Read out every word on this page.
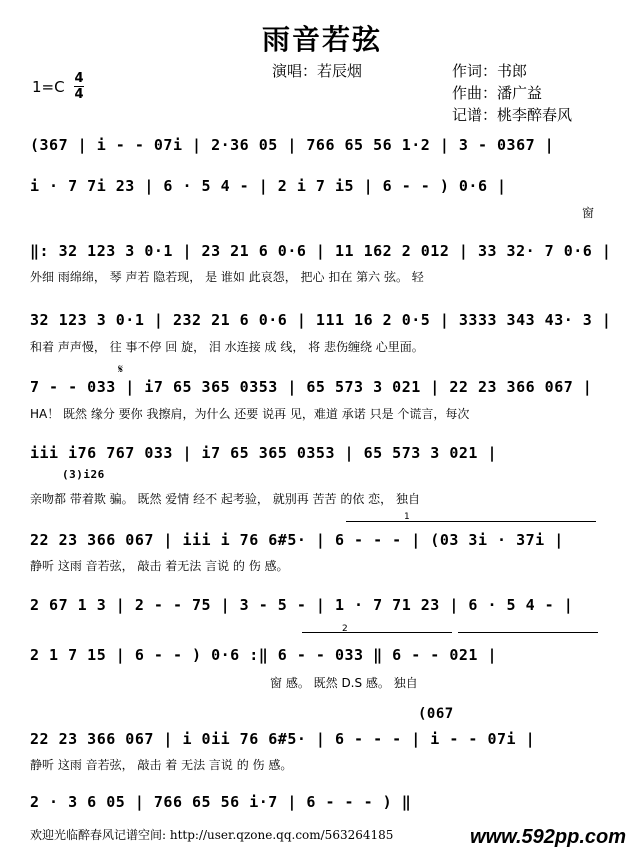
雨音若弦
演唱：若辰烟	作词：书郎
作曲：潘广益
记谱：桃李醉春风
1=C 4
4
(367 | i - - 07i | 2·36 05 | 766 65 56 1·2 | 3 - 0367 |
i · 7 7i 23 | 6 · 5 4 - | 2 i 7 i5 | 6 - - ) 0·6 |
窗
‖: 32 123 3 0·1 | 23 21 6 0·6 | 11 162 2 012 | 33 32· 7 0·6 |
外细 雨绵绵， 琴 声若 隐若现， 是 谁如 此哀怨， 把心 扣在 第六 弦。 轻
32 123 3 0·1 | 232 21 6 0·6 | 111 16 2 0·5 | 3333 343 43· 3 |
和着 声声慢， 往 事不停 回 旋， 泪 水连接 成 线， 将 悲伤缠绕 心里面。
𝄋
7 - - 033 | i7 65 365 0353 | 65 573 3 021 | 22 23 366 067 |
HA！ 既然 缘分 要你 我擦肩，为什么 还要 说再 见，难道 承诺 只是 个谎言，每次
iii i76 767 033 | i7 65 365 0353 | 65 573 3 021 |
(3)i26
亲吻都 带着欺 骗。 既然 爱情 经不 起考验， 就别再 苦苦 的依 恋， 独自
1
22 23 366 067 | iii i 76 6#5· | 6 - - - | (03 3i · 37i |
静听 这雨 音若弦， 敲击 着无法 言说 的 伤 感。
2 67 1 3 | 2 - - 75 | 3 - 5 - | 1 · 7 71 23 | 6 · 5 4 - |
2
2 1 7 15 | 6 - - ) 0·6 :‖ 6 - - 033 ‖ 6 - - 021 |
窗 感。 既然 D.S 感。 独自
(067
22 23 366 067 | i 0ii 76 6#5· | 6 - - - | i - - 07i |
静听 这雨 音若弦， 敲击 着 无法 言说 的 伤 感。
2 · 3 6 05 | 766 65 56 i·7 | 6 - - - ) ‖
欢迎光临醉春风记谱空间: http://user.qzone.qq.com/563264185	www.592pp.com
